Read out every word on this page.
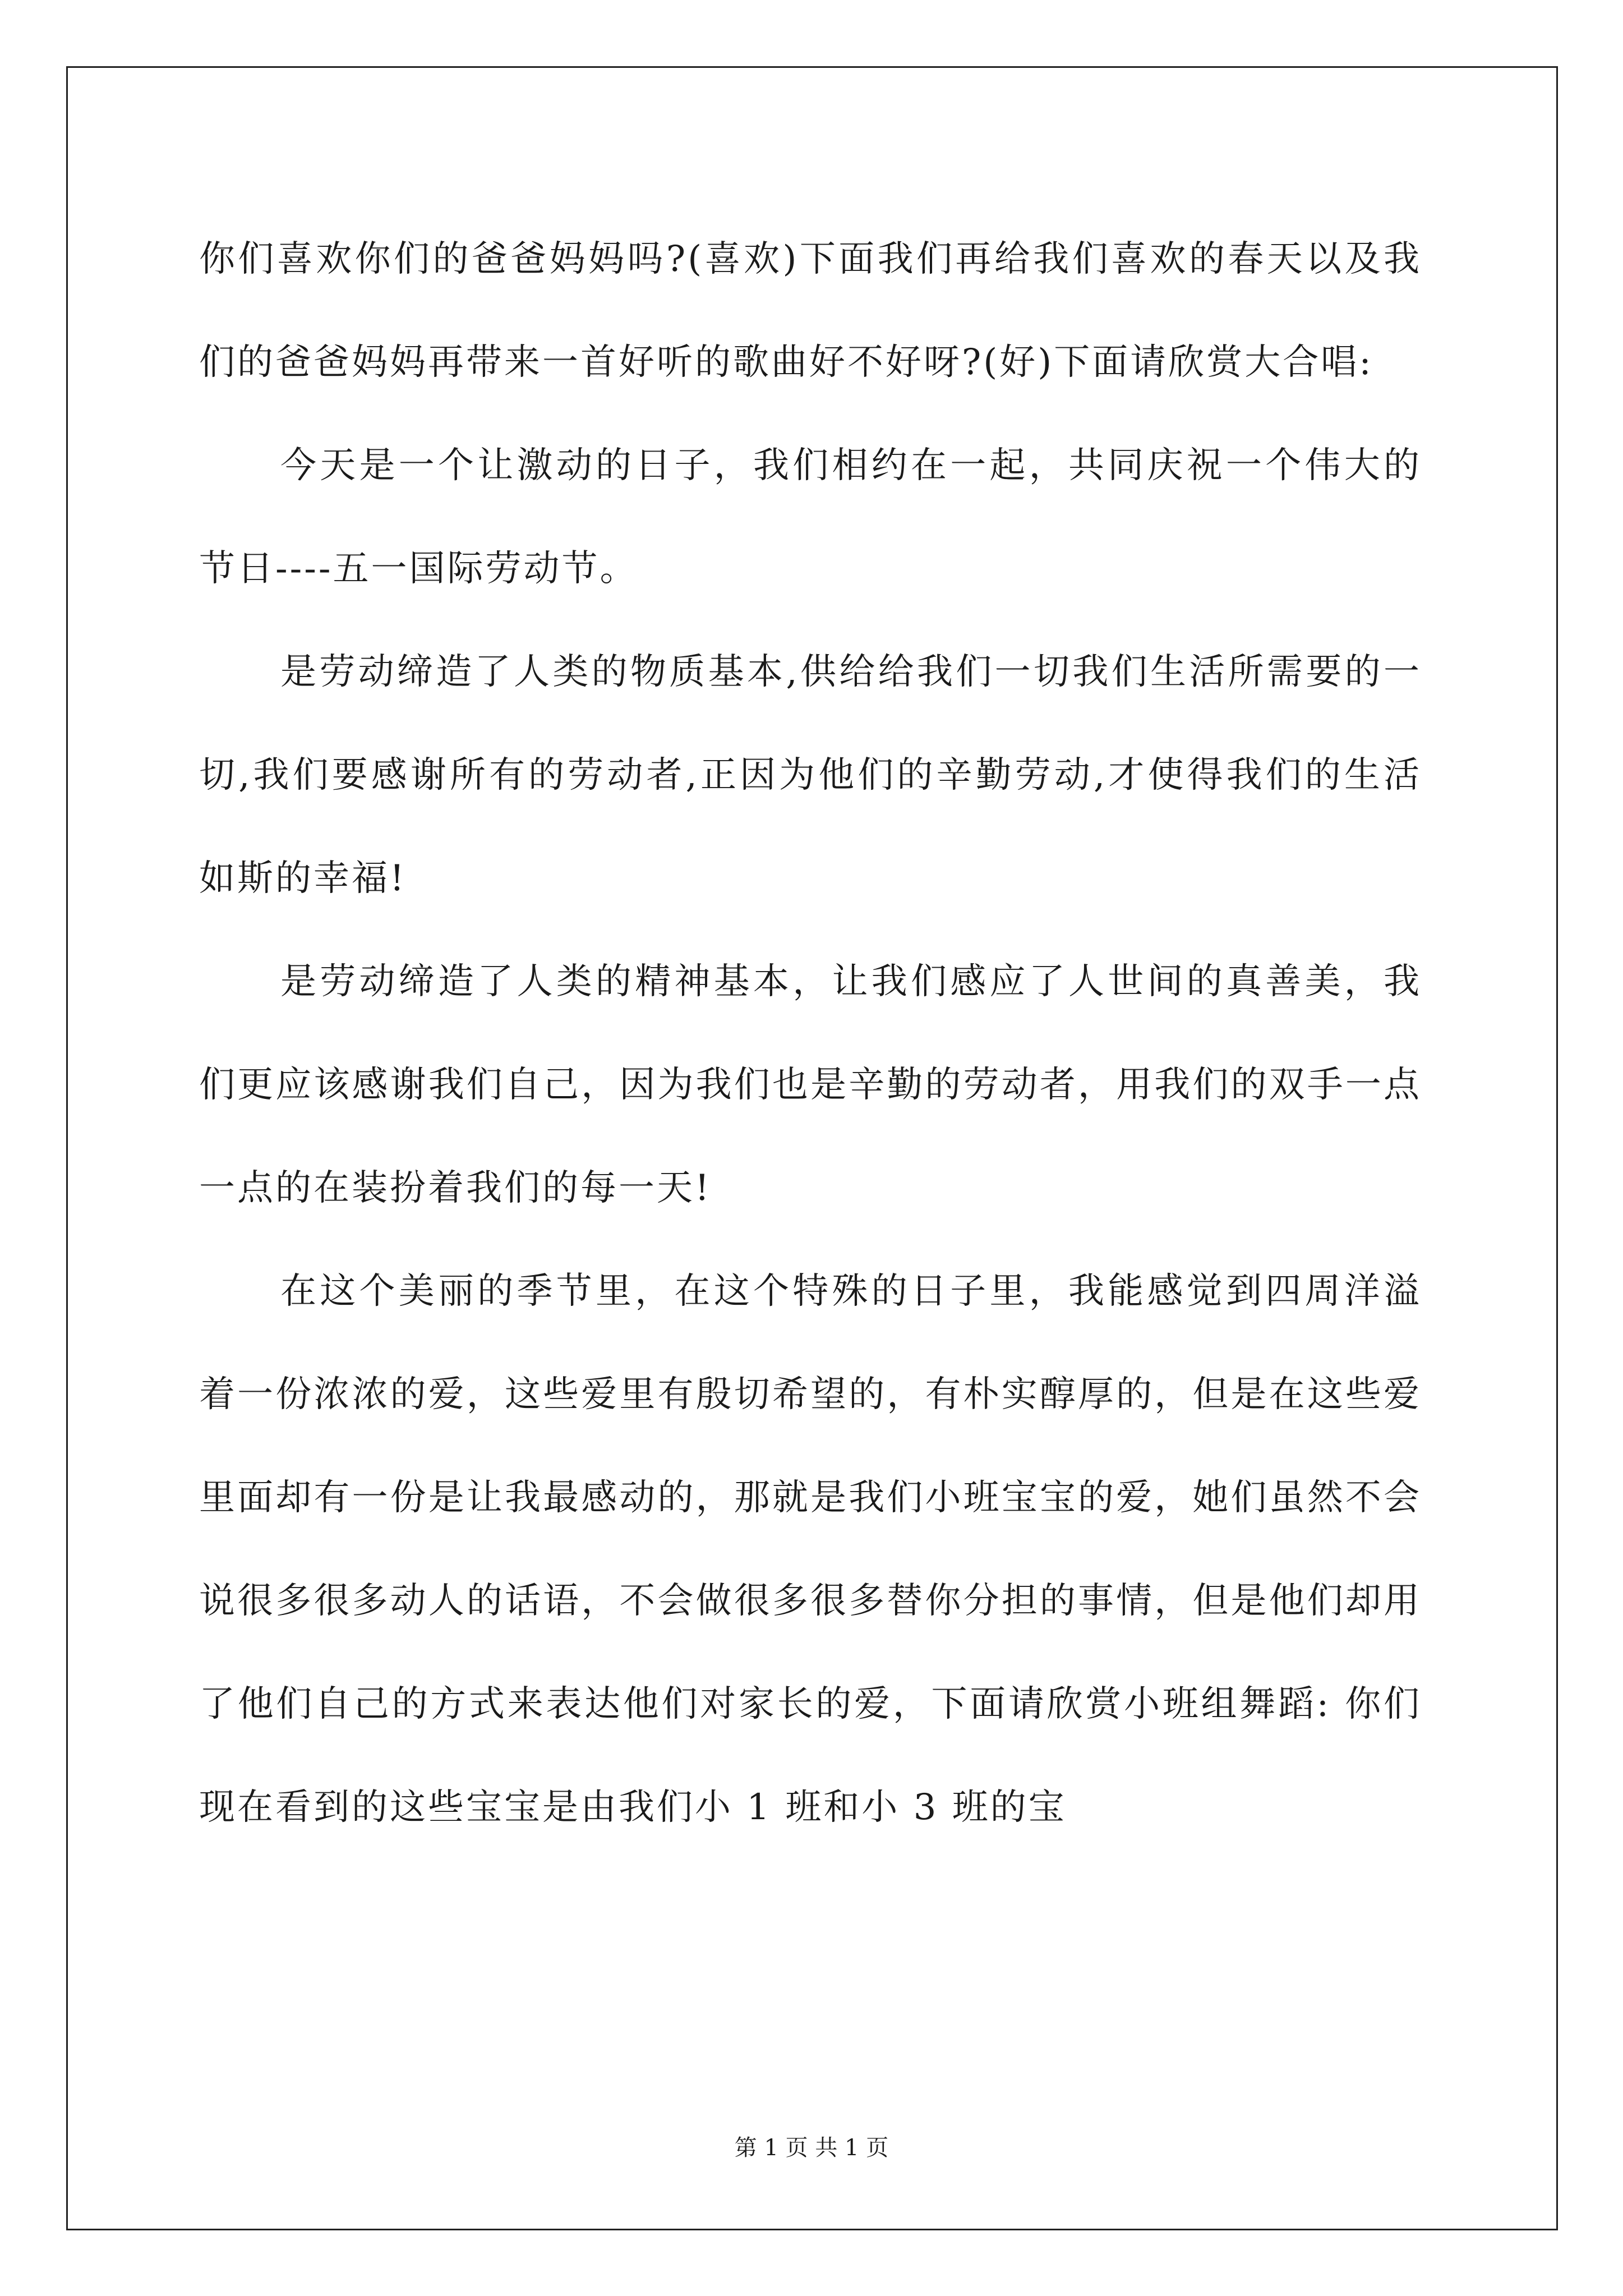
你们喜欢你们的爸爸妈妈吗?(喜欢)下面我们再给我们喜欢的春天以及我们的爸爸妈妈再带来一首好听的歌曲好不好呀?(好)下面请欣赏大合唱:

今天是一个让激动的日子，我们相约在一起，共同庆祝一个伟大的节日----五一国际劳动节。

是劳动缔造了人类的物质基本,供给给我们一切我们生活所需要的一切,我们要感谢所有的劳动者,正因为他们的辛勤劳动,才使得我们的生活如斯的幸福!

是劳动缔造了人类的精神基本，让我们感应了人世间的真善美，我们更应该感谢我们自己，因为我们也是辛勤的劳动者，用我们的双手一点一点的在装扮着我们的每一天!

在这个美丽的季节里，在这个特殊的日子里，我能感觉到四周洋溢着一份浓浓的爱，这些爱里有殷切希望的，有朴实醇厚的，但是在这些爱里面却有一份是让我最感动的，那就是我们小班宝宝的爱，她们虽然不会说很多很多动人的话语，不会做很多很多替你分担的事情，但是他们却用了他们自己的方式来表达他们对家长的爱，下面请欣赏小班组舞蹈: 你们现在看到的这些宝宝是由我们小 1 班和小 3 班的宝

第 1 页 共 1 页
